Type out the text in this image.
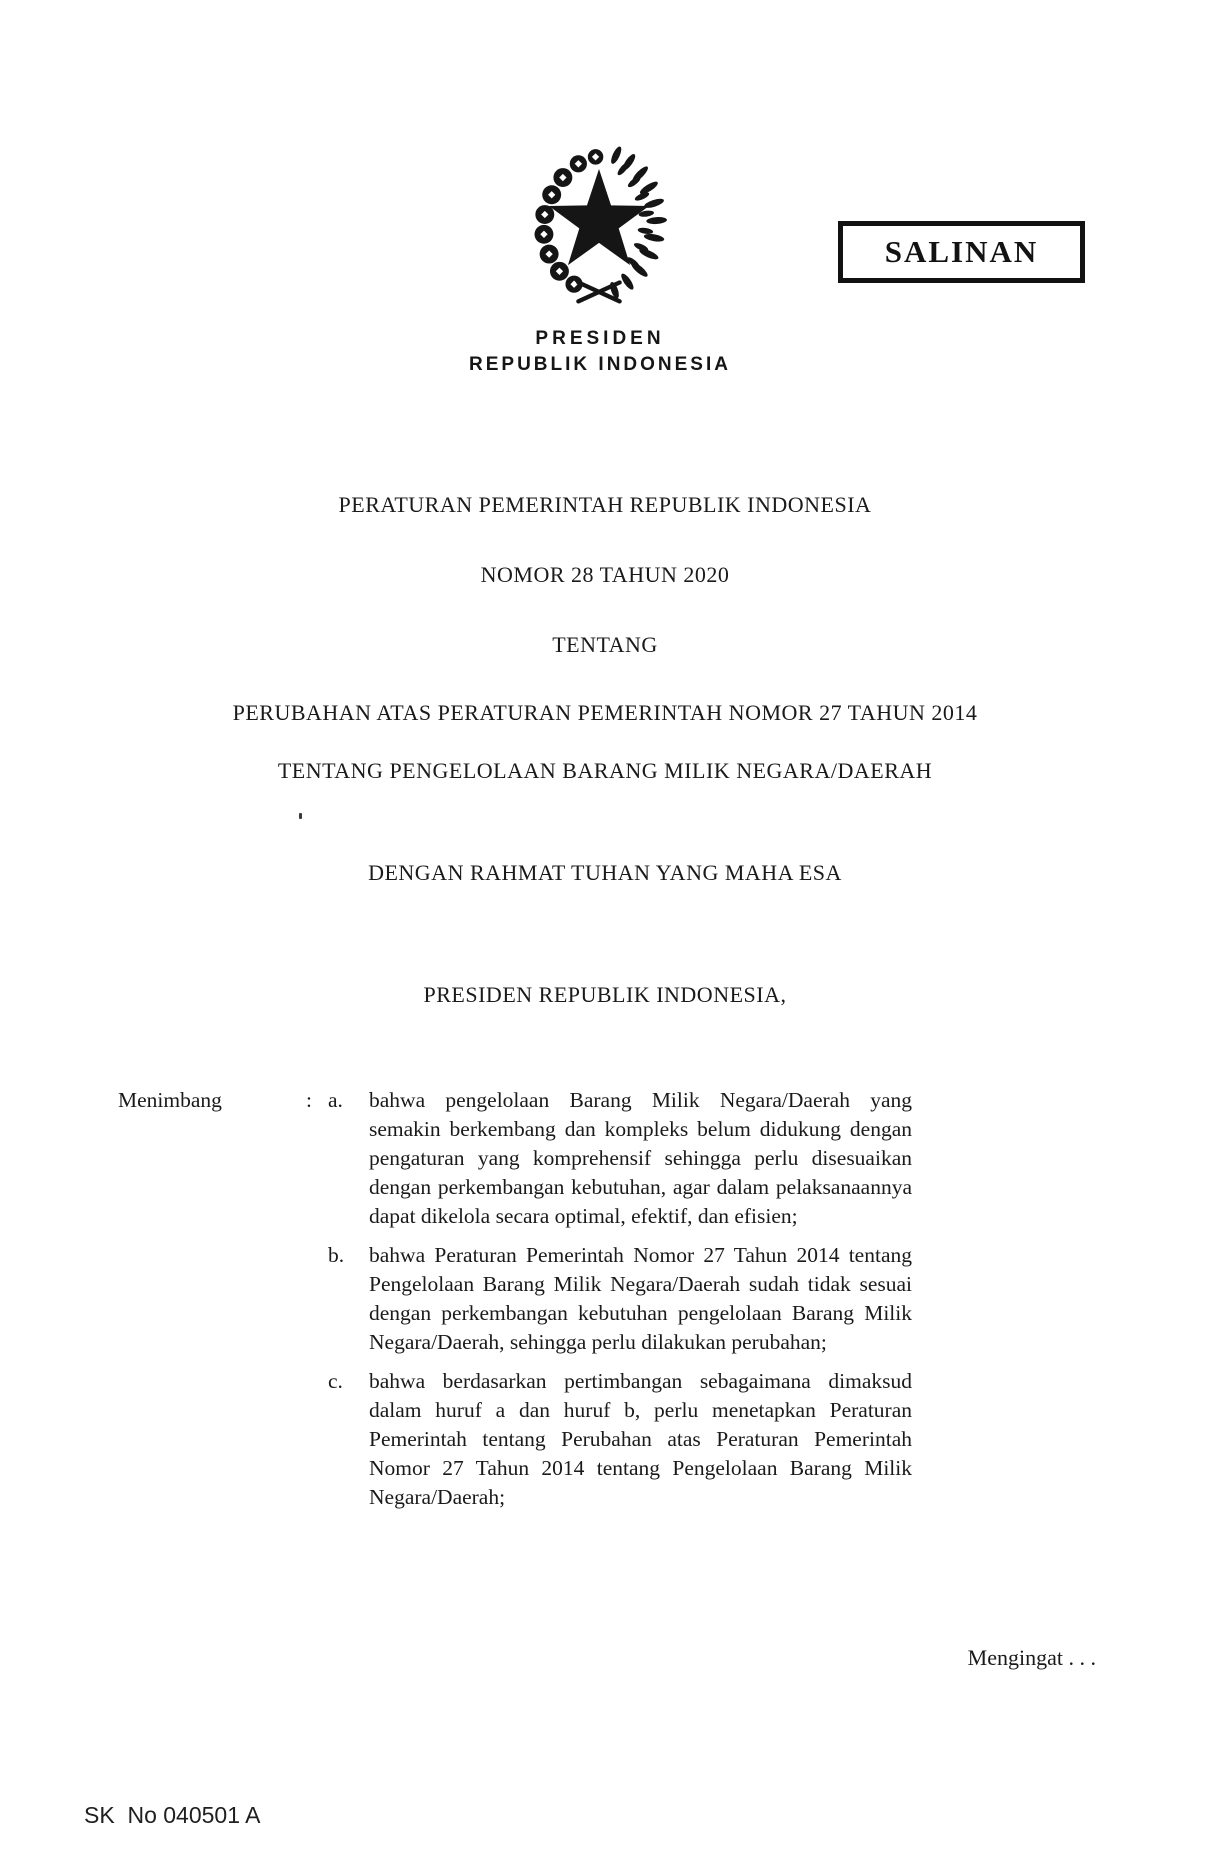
SALINAN
PRESIDEN
REPUBLIK INDONESIA
PERATURAN PEMERINTAH REPUBLIK INDONESIA
NOMOR 28 TAHUN 2020
TENTANG
PERUBAHAN ATAS PERATURAN PEMERINTAH NOMOR 27 TAHUN 2014
TENTANG PENGELOLAAN BARANG MILIK NEGARA/DAERAH
DENGAN RAHMAT TUHAN YANG MAHA ESA
PRESIDEN REPUBLIK INDONESIA,
Menimbang	: a.	bahwa pengelolaan Barang Milik Negara/Daerah yang semakin berkembang dan kompleks belum didukung dengan pengaturan yang komprehensif sehingga perlu disesuaikan dengan perkembangan kebutuhan, agar dalam pelaksanaannya dapat dikelola secara optimal, efektif, dan efisien;
b.	bahwa Peraturan Pemerintah Nomor 27 Tahun 2014 tentang Pengelolaan Barang Milik Negara/Daerah sudah tidak sesuai dengan perkembangan kebutuhan pengelolaan Barang Milik Negara/Daerah, sehingga perlu dilakukan perubahan;
c.	bahwa berdasarkan pertimbangan sebagaimana dimaksud dalam huruf a dan huruf b, perlu menetapkan Peraturan Pemerintah tentang Perubahan atas Peraturan Pemerintah Nomor 27 Tahun 2014 tentang Pengelolaan Barang Milik Negara/Daerah;
Mengingat . . .
SK  No 040501 A
